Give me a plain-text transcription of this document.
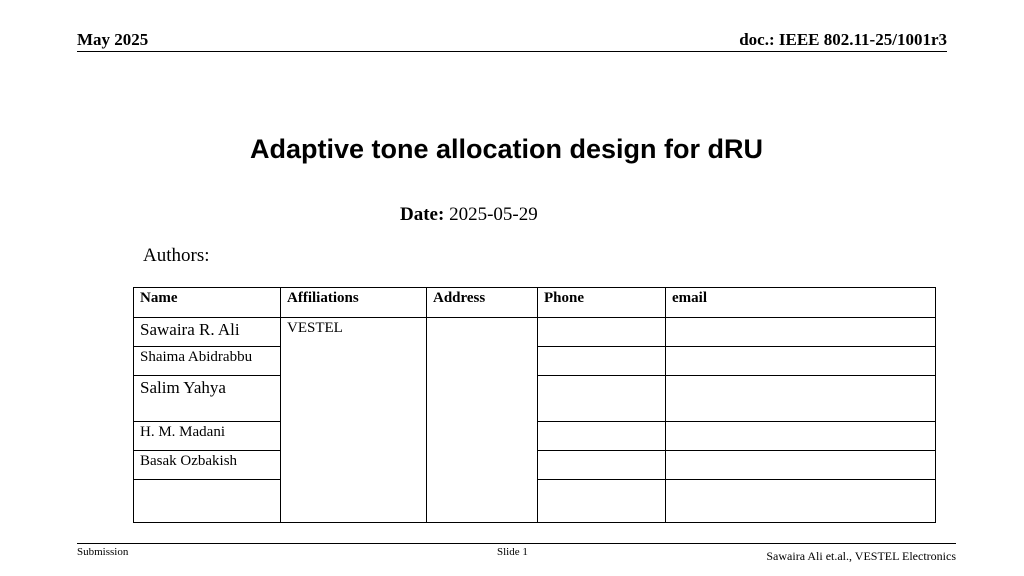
May 2025	doc.: IEEE 802.11-25/1001r3
Adaptive tone allocation design for dRU
Date: 2025-05-29
Authors:
Name	Affiliations	Address	Phone	email
Sawaira R. Ali	VESTEL			
Shaima Abidrabbu				
Salim Yahya				
H. M. Madani				
Basak Ozbakish				

Submission	Slide 1	Sawaira Ali et.al., VESTEL Electronics
